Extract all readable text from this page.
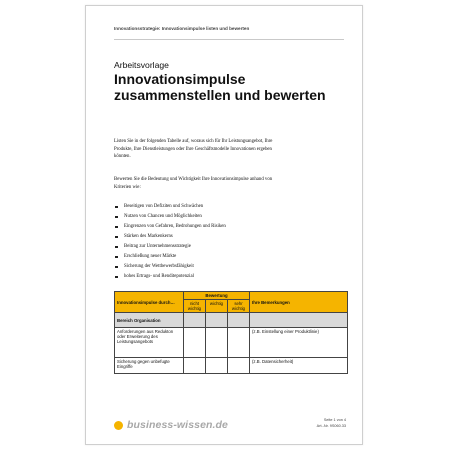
Innovationsstrategie: Innovationsimpulse listen und bewerten
Arbeitsvorlage
Innovationsimpulse zusammenstellen und bewerten
Listen Sie in der folgenden Tabelle auf, woraus sich für Ihr Leistungsangebot, Ihre Produkte, Ihre Dienstleistungen oder Ihre Geschäftsmodelle Innovationen ergeben könnten.
Bewerten Sie die Bedeutung und Wichtigkeit Ihre Innovationsimpulse anhand von Kriterien wie:
Beseitigen von Defiziten und Schwächen
Nutzen von Chancen und Möglichkeiten
Eingrenzen von Gefahren, Bedrohungen und Risiken
Stärken des Markenkerns
Beitrag zur Unternehmensstrategie
Erschließung neuer Märkte
Sicherung der Wettbewerbsfähigkeit
hohes Ertrags- und Renditepotenzial
Innovationsimpulse durch…	Bewertung			Ihre Bemerkungen
	nicht wichtig	wichtig	sehr wichtig	
Bereich Organisation				
Anforderungen aus Redukton oder Erweiterung des Leistungsangebots				(z.B. Einstellung einer Produktlinie)
Sicherung gegen unbefugte Eingriffe				(z.B. Datensicherheit)
business-wissen.de	Seite 1 von 4
Art.-Nr. 9S060.33
